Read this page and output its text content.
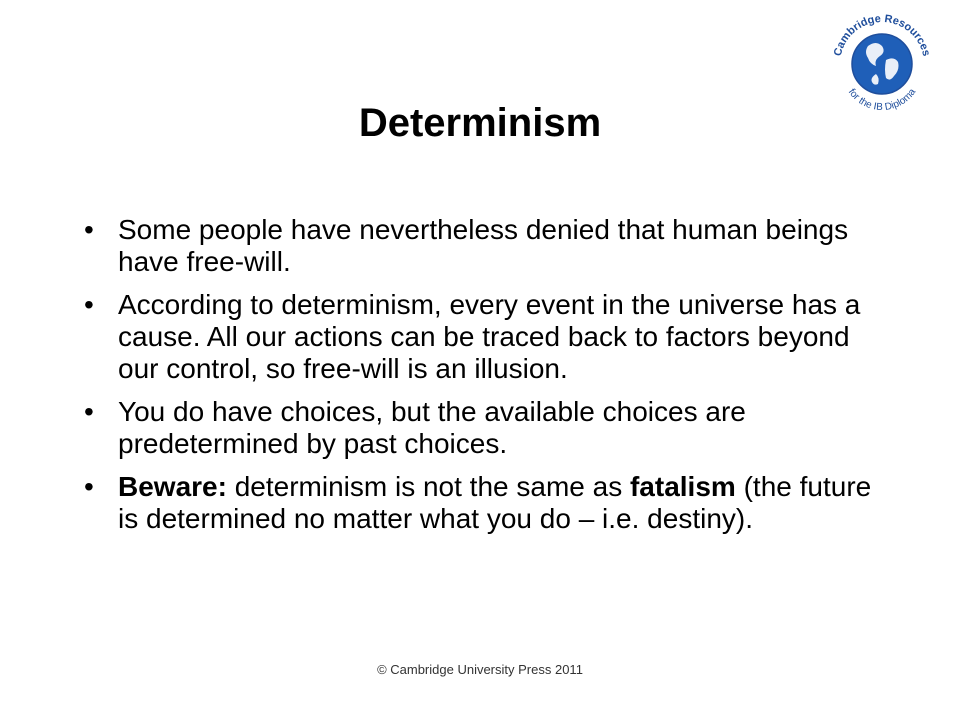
Cambridge Resources
for the IB Diploma
Determinism
• Some people have nevertheless denied that human beings have free-will.
• According to determinism, every event in the universe has a cause. All our actions can be traced back to factors beyond our control, so free-will is an illusion.
• You do have choices, but the available choices are predetermined by past choices.
• Beware: determinism is not the same as fatalism (the future is determined no matter what you do – i.e. destiny).
© Cambridge University Press 2011
